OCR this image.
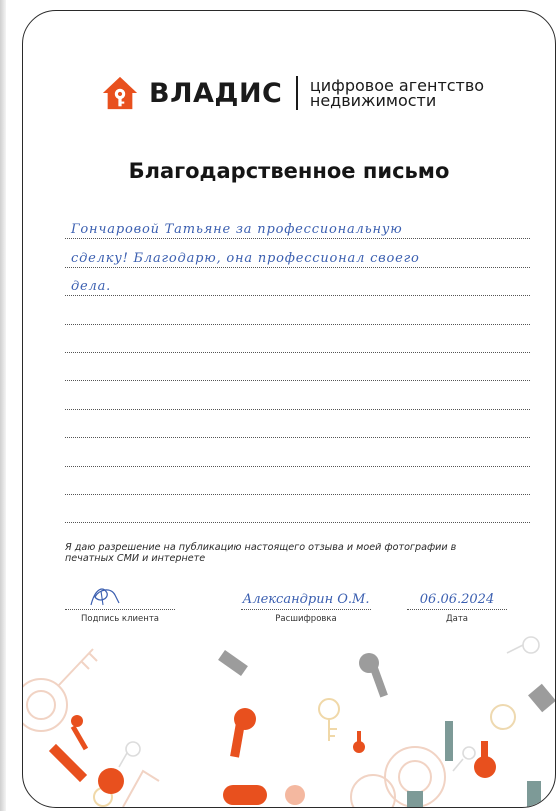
ВЛАДИС цифровое агентство
недвижимости
Благодарственное письмо
Гончаровой Татьяне за профессиональную
сделку! Благодарю, она профессионал своего
дела.
Я даю разрешение на публикацию настоящего отзыва и моей фотографии в печатных СМИ и интернете
Подпись клиента
Александрин О.М.
Расшифровка
06.06.2024
Дата
